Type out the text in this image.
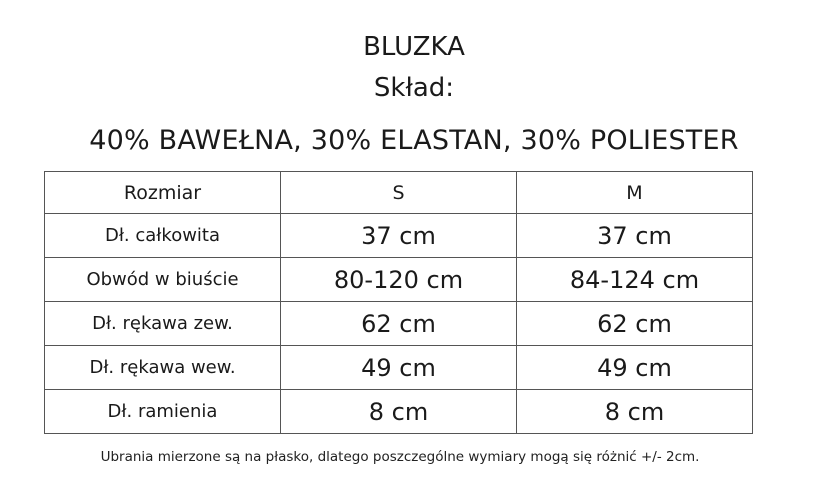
BLUZKA
Skład:
40% BAWEŁNA, 30% ELASTAN, 30% POLIESTER
Rozmiar	S	M
Dł. całkowita	37 cm	37 cm
Obwód w biuście	80-120 cm	84-124 cm
Dł. rękawa zew.	62 cm	62 cm
Dł. rękawa wew.	49 cm	49 cm
Dł. ramienia	8 cm	8 cm
Ubrania mierzone są na płasko, dlatego poszczególne wymiary mogą się różnić +/- 2cm.
